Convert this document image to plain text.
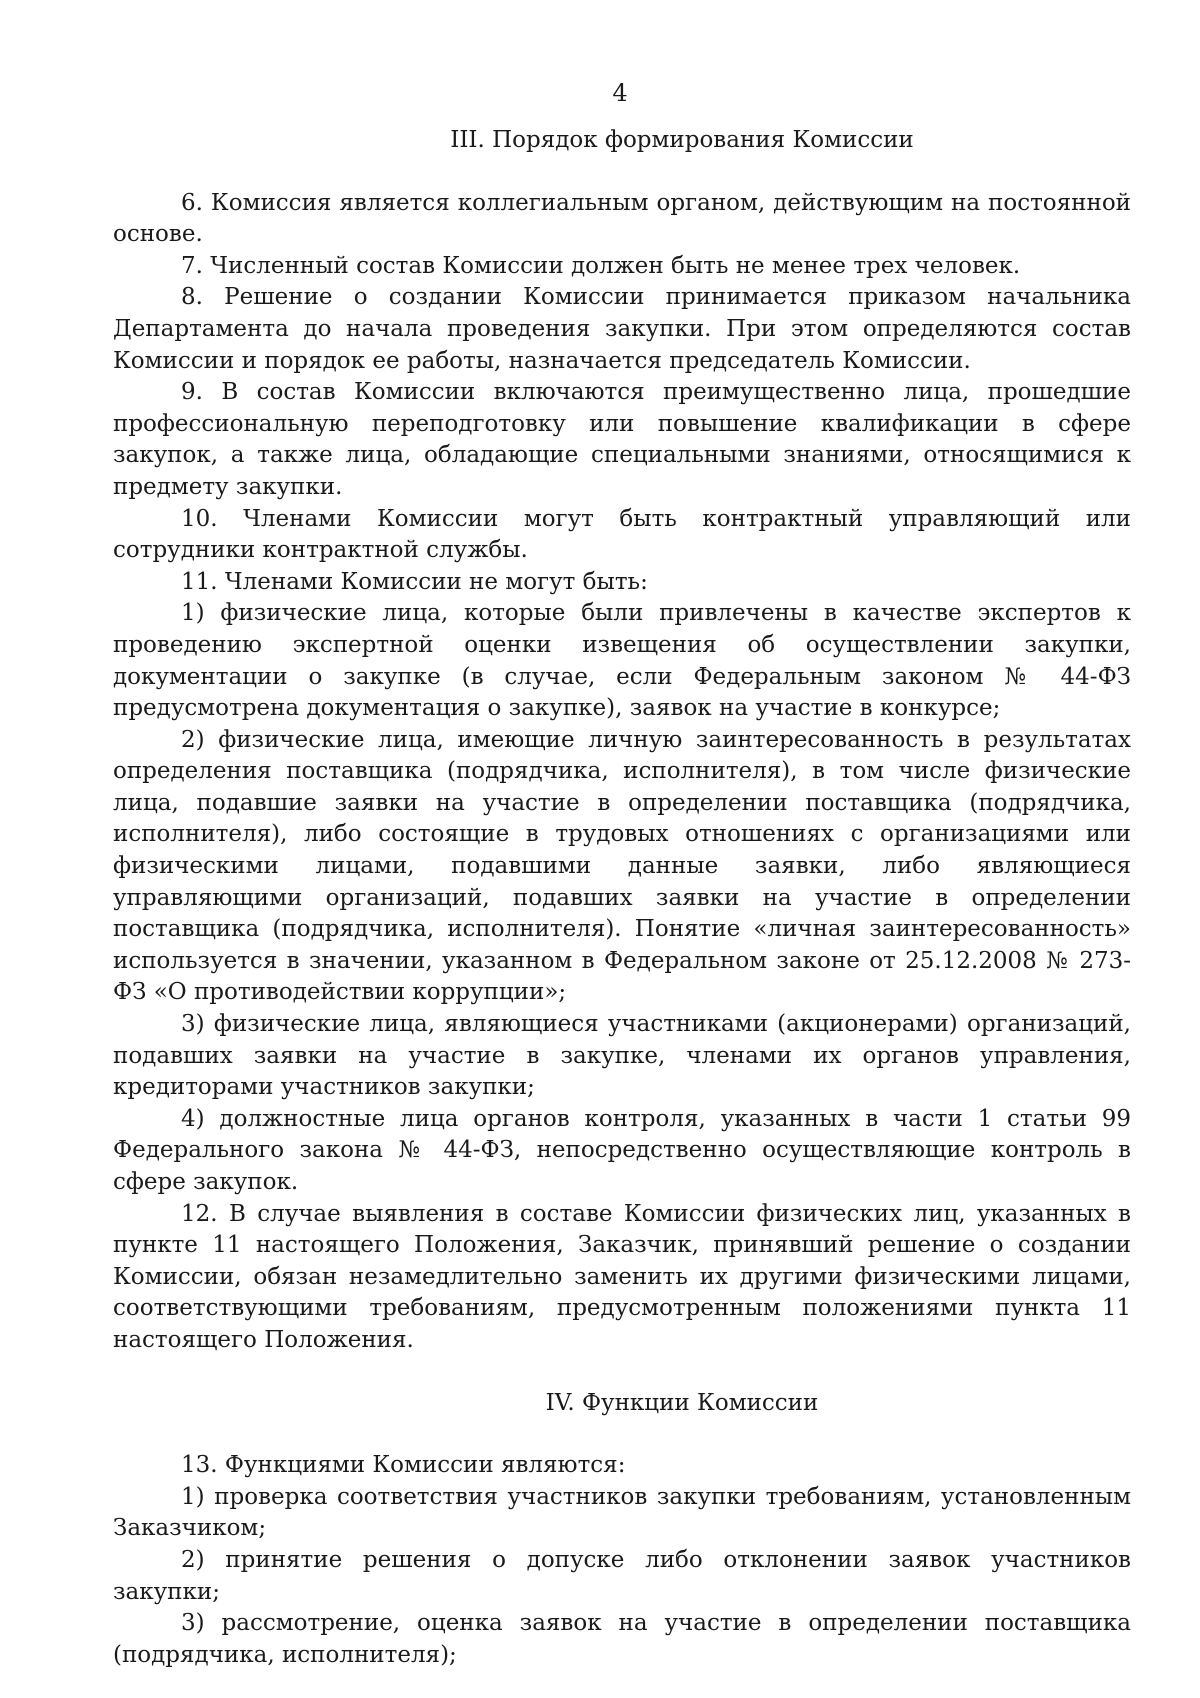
4
III. Порядок формирования Комиссии

6. Комиссия является коллегиальным органом, действующим на постоянной основе.

7. Численный состав Комиссии должен быть не менее трех человек.

8. Решение о создании Комиссии принимается приказом начальника Департамента до начала проведения закупки. При этом определяются состав Комиссии и порядок ее работы, назначается председатель Комиссии.

9. В состав Комиссии включаются преимущественно лица, прошедшие профессиональную переподготовку или повышение квалификации в сфере закупок, а также лица, обладающие специальными знаниями, относящимися к предмету закупки.

10. Членами Комиссии могут быть контрактный управляющий или сотрудники контрактной службы.

11. Членами Комиссии не могут быть:

1) физические лица, которые были привлечены в качестве экспертов к проведению экспертной оценки извещения об осуществлении закупки, документации о закупке (в случае, если Федеральным законом № 44-ФЗ предусмотрена документация о закупке), заявок на участие в конкурсе;

2) физические лица, имеющие личную заинтересованность в результатах определения поставщика (подрядчика, исполнителя), в том числе физические лица, подавшие заявки на участие в определении поставщика (подрядчика, исполнителя), либо состоящие в трудовых отношениях с организациями или физическими лицами, подавшими данные заявки, либо являющиеся управляющими организаций, подавших заявки на участие в определении поставщика (подрядчика, исполнителя). Понятие «личная заинтересованность» используется в значении, указанном в Федеральном законе от 25.12.2008 № 273-ФЗ «О противодействии коррупции»;

3) физические лица, являющиеся участниками (акционерами) организаций, подавших заявки на участие в закупке, членами их органов управления, кредиторами участников закупки;

4) должностные лица органов контроля, указанных в части 1 статьи 99 Федерального закона № 44-ФЗ, непосредственно осуществляющие контроль в сфере закупок.

12. В случае выявления в составе Комиссии физических лиц, указанных в пункте 11 настоящего Положения, Заказчик, принявший решение о создании Комиссии, обязан незамедлительно заменить их другими физическими лицами, соответствующими требованиям, предусмотренным положениями пункта 11 настоящего Положения.

IV. Функции Комиссии

13. Функциями Комиссии являются:

1) проверка соответствия участников закупки требованиям, установленным Заказчиком;

2) принятие решения о допуске либо отклонении заявок участников закупки;

3) рассмотрение, оценка заявок на участие в определении поставщика (подрядчика, исполнителя);
